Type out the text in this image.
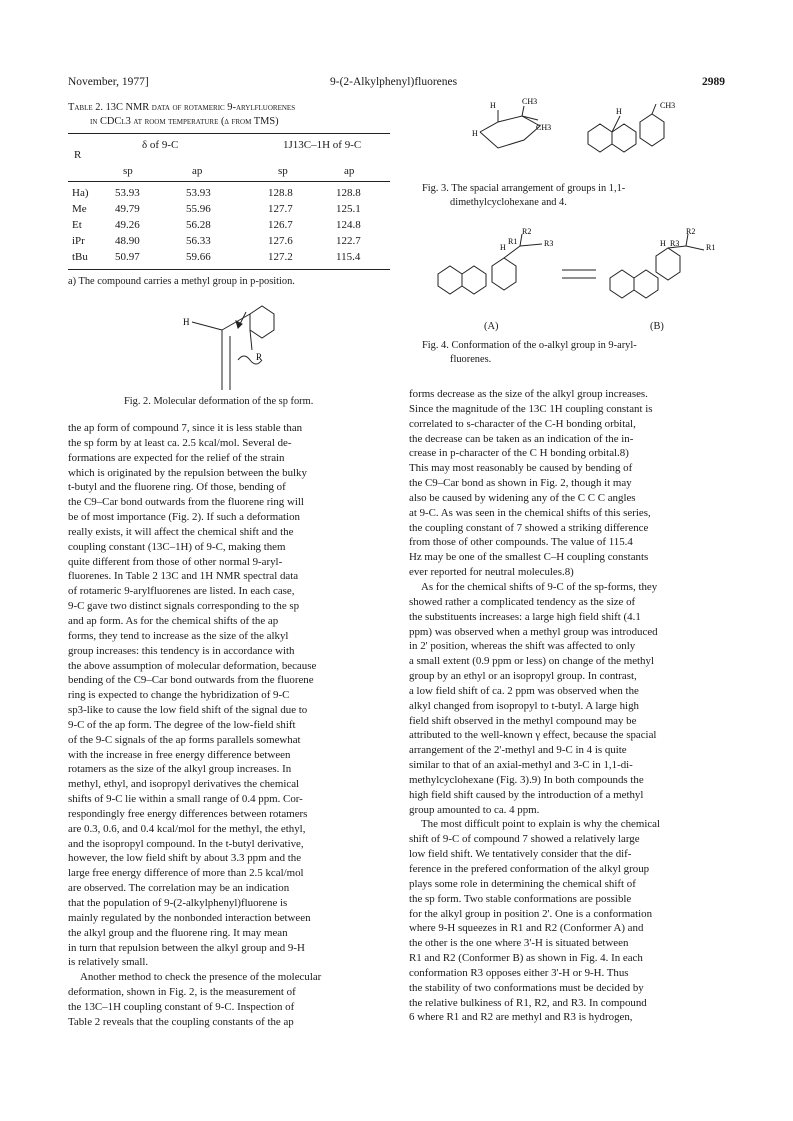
November, 1977]	9-(2-Alkylphenyl)fluorenes	2989
Table 2. 13C NMR data of rotameric 9-arylfluorenes
in CDCl3 at room temperature (δ from TMS)
δ of 9-C	1J13C–1H of 9-C
R
sp	ap	sp	ap
Ha) 53.93	53.93	128.8	128.8
Me	49.79	55.96	127.7	125.1
Et	49.26	56.28	126.7	124.8
iPr	48.90	56.33	127.6	122.7
tBu 50.97	59.66	127.2	115.4
a) The compound carries a methyl group in p-position.
H
R
Fig. 2. Molecular deformation of the sp form.
H
H
CH3
CH3
H
CH3
Fig. 3. The spacial arrangement of groups in 1,1-
dimethylcyclohexane and 4.
R2
R1	R3
H
R2
R3	R1
H
(A)	(B)
Fig. 4. Conformation of the o-alkyl group in 9-aryl-
fluorenes.

the ap form of compound 7, since it is less stable than

the sp form by at least ca. 2.5 kcal/mol. Several de-

formations are expected for the relief of the strain

which is originated by the repulsion between the bulky

t-butyl and the fluorene ring. Of those, bending of

the C9–Car bond outwards from the fluorene ring will

be of most importance (Fig. 2). If such a deformation

really exists, it will affect the chemical shift and the

coupling constant (13C–1H) of 9-C, making them

quite different from those of other normal 9-aryl-

fluorenes. In Table 2 13C and 1H NMR spectral data

of rotameric 9-arylfluorenes are listed. In each case,

9-C gave two distinct signals corresponding to the sp

and ap form. As for the chemical shifts of the ap

forms, they tend to increase as the size of the alkyl

group increases: this tendency is in accordance with

the above assumption of molecular deformation, because

bending of the C9–Car bond outwards from the fluorene

ring is expected to change the hybridization of 9-C

sp3-like to cause the low field shift of the signal due to

9-C of the ap form. The degree of the low-field shift

of the 9-C signals of the ap forms parallels somewhat

with the increase in free energy difference between

rotamers as the size of the alkyl group increases. In

methyl, ethyl, and isopropyl derivatives the chemical

shifts of 9-C lie within a small range of 0.4 ppm. Cor-

respondingly free energy differences between rotamers

are 0.3, 0.6, and 0.4 kcal/mol for the methyl, the ethyl,

and the isopropyl compound. In the t-butyl derivative,

however, the low field shift by about 3.3 ppm and the

large free energy difference of more than 2.5 kcal/mol

are observed. The correlation may be an indication

that the population of 9-(2-alkylphenyl)fluorene is

mainly regulated by the nonbonded interaction between

the alkyl group and the fluorene ring. It may mean

in turn that repulsion between the alkyl group and 9-H

is relatively small.

Another method to check the presence of the molecular

deformation, shown in Fig. 2, is the measurement of

the 13C–1H coupling constant of 9-C. Inspection of

Table 2 reveals that the coupling constants of the ap

forms decrease as the size of the alkyl group increases.

Since the magnitude of the 13C 1H coupling constant is

correlated to s-character of the C-H bonding orbital,

the decrease can be taken as an indication of the in-

crease in p-character of the C H bonding orbital.8)

This may most reasonably be caused by bending of

the C9–Car bond as shown in Fig. 2, though it may

also be caused by widening any of the C C C angles

at 9-C. As was seen in the chemical shifts of this series,

the coupling constant of 7 showed a striking difference

from those of other compounds. The value of 115.4

Hz may be one of the smallest C–H coupling constants

ever reported for neutral molecules.8)

As for the chemical shifts of 9-C of the sp-forms, they

showed rather a complicated tendency as the size of

the substituents increases: a large high field shift (4.1

ppm) was observed when a methyl group was introduced

in 2' position, whereas the shift was affected to only

a small extent (0.9 ppm or less) on change of the methyl

group by an ethyl or an isopropyl group. In contrast,

a low field shift of ca. 2 ppm was observed when the

alkyl changed from isopropyl to t-butyl. A large high

field shift observed in the methyl compound may be

attributed to the well-known γ effect, because the spacial

arrangement of the 2'-methyl and 9-C in 4 is quite

similar to that of an axial-methyl and 3-C in 1,1-di-

methylcyclohexane (Fig. 3).9) In both compounds the

high field shift caused by the introduction of a methyl

group amounted to ca. 4 ppm.

The most difficult point to explain is why the chemical

shift of 9-C of compound 7 showed a relatively large

low field shift. We tentatively consider that the dif-

ference in the prefered conformation of the alkyl group

plays some role in determining the chemical shift of

the sp form. Two stable conformations are possible

for the alkyl group in position 2'. One is a conformation

where 9-H squeezes in R1 and R2 (Conformer A) and

the other is the one where 3'-H is situated between

R1 and R2 (Conformer B) as shown in Fig. 4. In each

conformation R3 opposes either 3'-H or 9-H. Thus

the stability of two conformations must be decided by

the relative bulkiness of R1, R2, and R3. In compound

6 where R1 and R2 are methyl and R3 is hydrogen,
